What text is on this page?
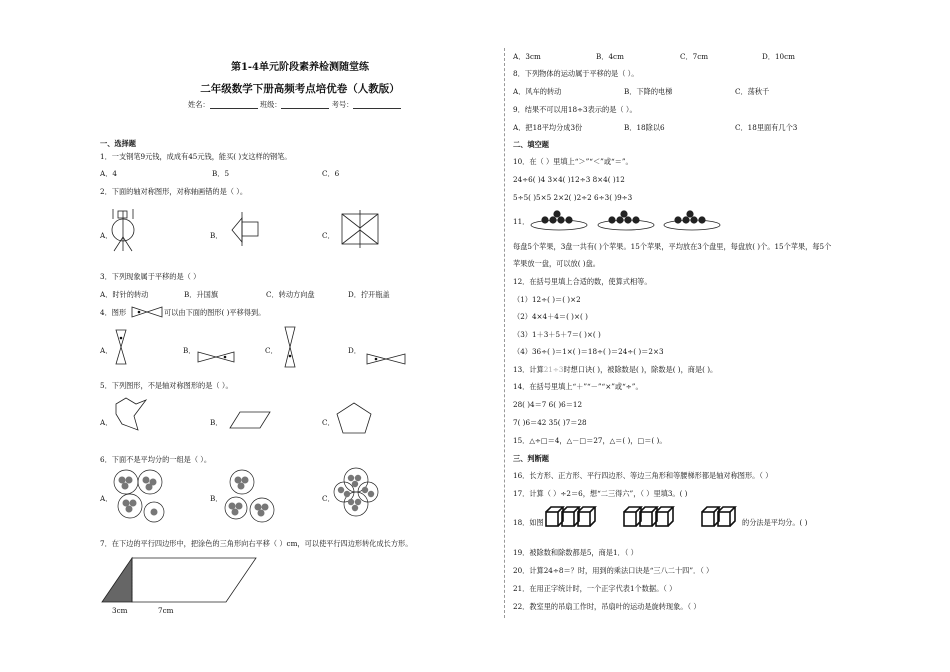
第1-4单元阶段素养检测随堂练
二年级数学下册高频考点培优卷（人教版）
姓名：	班级：	考号：
一、选择题
1．一支钢笔9元钱，成成有45元钱，能买( )支这样的钢笔。
A．4	B．5	C．6
2．下面的轴对称图形，对称轴画错的是（ ）。
A．	B．	C．
3．下列现象属于平移的是（ ）
A．时针的转动	B．升国旗	C．转动方向盘	D．拧开瓶盖
4．图形	可以由下面的图形( )平移得到。
A．	B．	C．	D．
5．下列图形，不是轴对称图形的是（ ）。
A．	B．	C．
6．下面不是平均分的一组是（ ）。
A．	B．	C．
7．在下边的平行四边形中，把涂色的三角形向右平移（ ）cm，可以使平行四边形转化成长方形。
3cm	7cm
A．3cm	B．4cm	C．7cm	D．10cm
8．下列物体的运动属于平移的是（ ）。
A．风车的转动	B．下降的电梯	C．荡秋千
9．结果不可以用18÷3表示的是（ ）。
A．把18平均分成3份	B．18除以6	C．18里面有几个3
二、填空题
10．在（ ）里填上“＞”“＜”或“＝”。
24÷6( )4 3×4( )12÷3 8×4( )12
5÷5( )5×5 2×2( )2÷2 6÷3( )9÷3
11．
每盘5个苹果，3盘一共有( )个苹果。15个苹果，平均放在3个盘里，每盘放( )个。15个苹果，每5个
苹果放一盘，可以放( )盘。
12．在括号里填上合适的数，使算式相等。
（1）12÷( )＝( )×2
（2）4×4＋4＝( )×( )
（3）1＋3＋5＋7＝( )×( )
（4）36÷( )＝1×( )＝18÷( )＝24÷( )＝2×3
13．计算21÷3时想口诀( )，被除数是( )，除数是( )，商是( )。
14．在括号里填上“＋”“－”“×”或“÷”。
28( )4＝7 6( )6＝12
7( )6＝42 35( )7＝28
15．△÷□＝4，△－□＝27，△＝( )，□＝( )。
三、判断题
16．长方形、正方形、平行四边形、等边三角形和等腰梯形都是轴对称图形。（ ）
17．计算（ ）÷2＝6，想“二三得六”，（ ）里填3。( )
18．如图	的分法是平均分。( )
19．被除数和除数都是5，商是1．（ ）
20．计算24÷8＝？时，用到的乘法口诀是“三八二十四”．（ ）
21．在用正字统计时，一个正字代表1个数据。（ ）
22．教室里的吊扇工作时，吊扇叶的运动是旋转现象。（ ）
